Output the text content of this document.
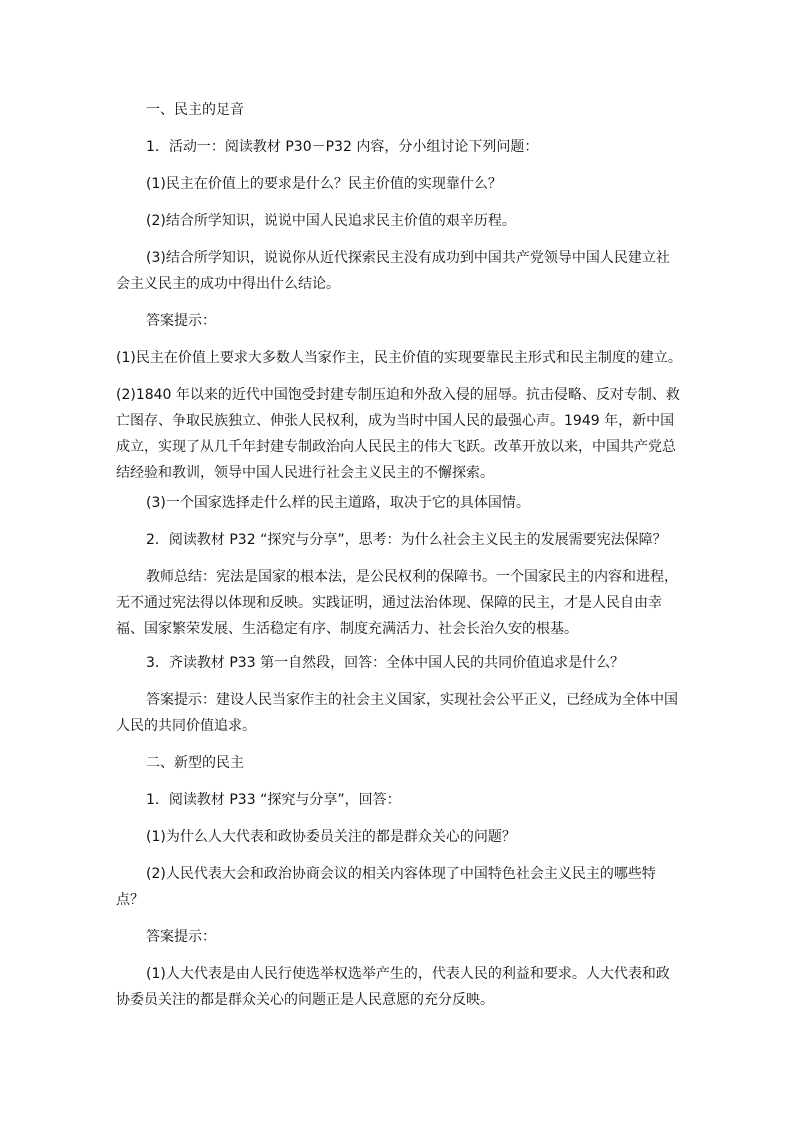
一、民主的足音

1．活动一：阅读教材 P30－P32 内容，分小组讨论下列问题：

(1)民主在价值上的要求是什么？民主价值的实现靠什么？

(2)结合所学知识，说说中国人民追求民主价值的艰辛历程。

(3)结合所学知识，说说你从近代探索民主没有成功到中国共产党领导中国人民建立社会主义民主的成功中得出什么结论。

答案提示：

(1)民主在价值上要求大多数人当家作主，民主价值的实现要靠民主形式和民主制度的建立。

(2)1840 年以来的近代中国饱受封建专制压迫和外敌入侵的屈辱。抗击侵略、反对专制、救亡图存、争取民族独立、伸张人民权利，成为当时中国人民的最强心声。1949 年，新中国成立，实现了从几千年封建专制政治向人民民主的伟大飞跃。改革开放以来，中国共产党总结经验和教训，领导中国人民进行社会主义民主的不懈探索。

(3)一个国家选择走什么样的民主道路，取决于它的具体国情。

2．阅读教材 P32 “探究与分享”，思考：为什么社会主义民主的发展需要宪法保障？

教师总结：宪法是国家的根本法，是公民权利的保障书。一个国家民主的内容和进程，无不通过宪法得以体现和反映。实践证明，通过法治体现、保障的民主，才是人民自由幸福、国家繁荣发展、生活稳定有序、制度充满活力、社会长治久安的根基。

3．齐读教材 P33 第一自然段，回答：全体中国人民的共同价值追求是什么？

答案提示：建设人民当家作主的社会主义国家，实现社会公平正义，已经成为全体中国人民的共同价值追求。

二、新型的民主

1．阅读教材 P33 “探究与分享”，回答：

(1)为什么人大代表和政协委员关注的都是群众关心的问题？

(2)人民代表大会和政治协商会议的相关内容体现了中国特色社会主义民主的哪些特点？

答案提示：

(1)人大代表是由人民行使选举权选举产生的，代表人民的利益和要求。人大代表和政协委员关注的都是群众关心的问题正是人民意愿的充分反映。
